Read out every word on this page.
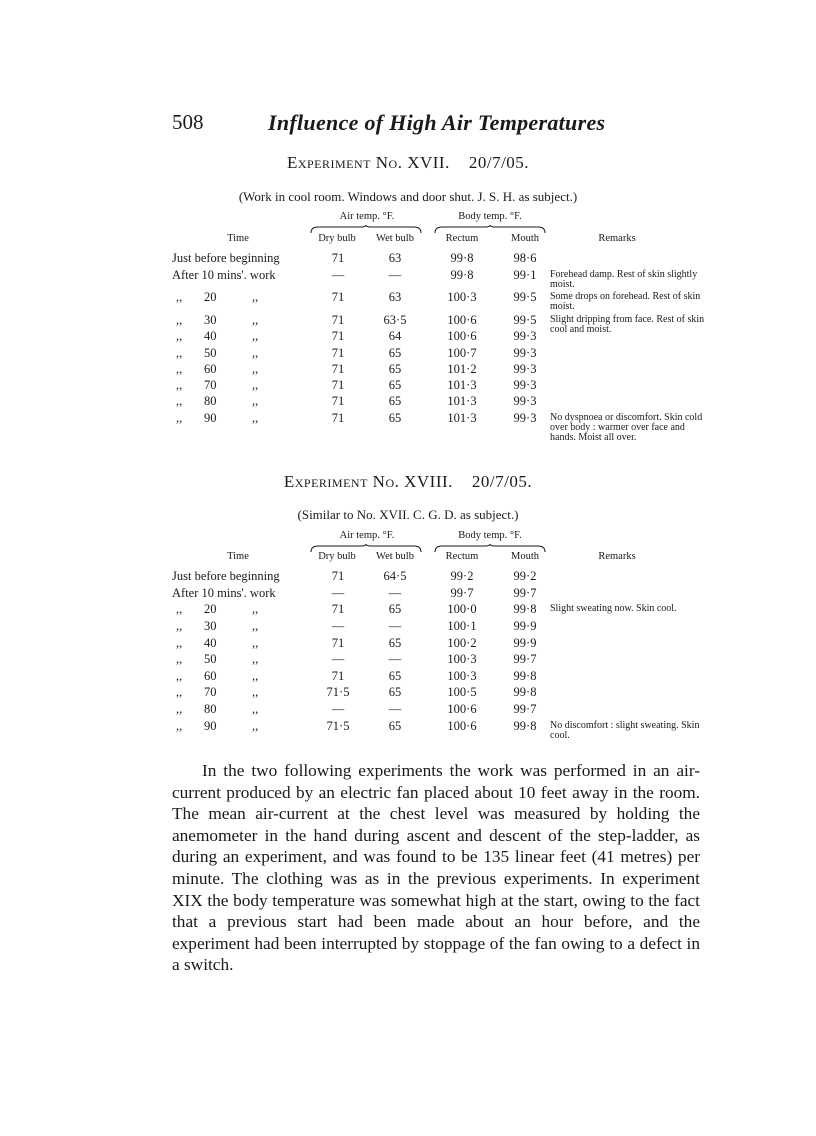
508	Influence of High Air Temperatures
Experiment No. XVII. 20/7/05.
(Work in cool room. Windows and door shut. J. S. H. as subject.)
Air temp. °F.	Body temp. °F.
Time	Dry bulb	Wet bulb	Rectum	Mouth	Remarks
Just before beginning	71	63	99·8	98·6
After 10 mins'. work	—	—	99·8	99·1	Forehead damp. Rest of skin slightly moist.
,, 20	,,	71	63	100·3	99·5	Some drops on forehead. Rest of skin moist.
,, 30	,,	71	63·5	100·6	99·5	Slight dripping from face. Rest of skin cool and moist.
,, 40	,,	71	64	100·6	99·3
,, 50	,,	71	65	100·7	99·3
,, 60	,,	71	65	101·2	99·3
,, 70	,,	71	65	101·3	99·3
,, 80	,,	71	65	101·3	99·3
,, 90	,,	71	65	101·3	99·3	No dyspnoea or discomfort. Skin cold over body : warmer over face and hands. Moist all over.
Experiment No. XVIII. 20/7/05.
(Similar to No. XVII. C. G. D. as subject.)
Air temp. °F.	Body temp. °F.
Time	Dry bulb	Wet bulb	Rectum	Mouth	Remarks
Just before beginning	71	64·5	99·2	99·2
After 10 mins'. work	—	—	99·7	99·7
,, 20	,,	71	65	100·0	99·8	Slight sweating now. Skin cool.
,, 30	,,	—	—	100·1	99·9
,, 40	,,	71	65	100·2	99·9
,, 50	,,	—	—	100·3	99·7
,, 60	,,	71	65	100·3	99·8
,, 70	,,	71·5	65	100·5	99·8
,, 80	,,	—	—	100·6	99·7
,, 90	,,	71·5	65	100·6	99·8	No discomfort : slight sweating. Skin cool.

In the two following experiments the work was performed in an air-current produced by an electric fan placed about 10 feet away in the room. The mean air-current at the chest level was measured by holding the anemometer in the hand during ascent and descent of the step-ladder, as during an experiment, and was found to be 135 linear feet (41 metres) per minute. The clothing was as in the previous experiments. In experiment XIX the body temperature was somewhat high at the start, owing to the fact that a previous start had been made about an hour before, and the experiment had been interrupted by stoppage of the fan owing to a defect in a switch.
